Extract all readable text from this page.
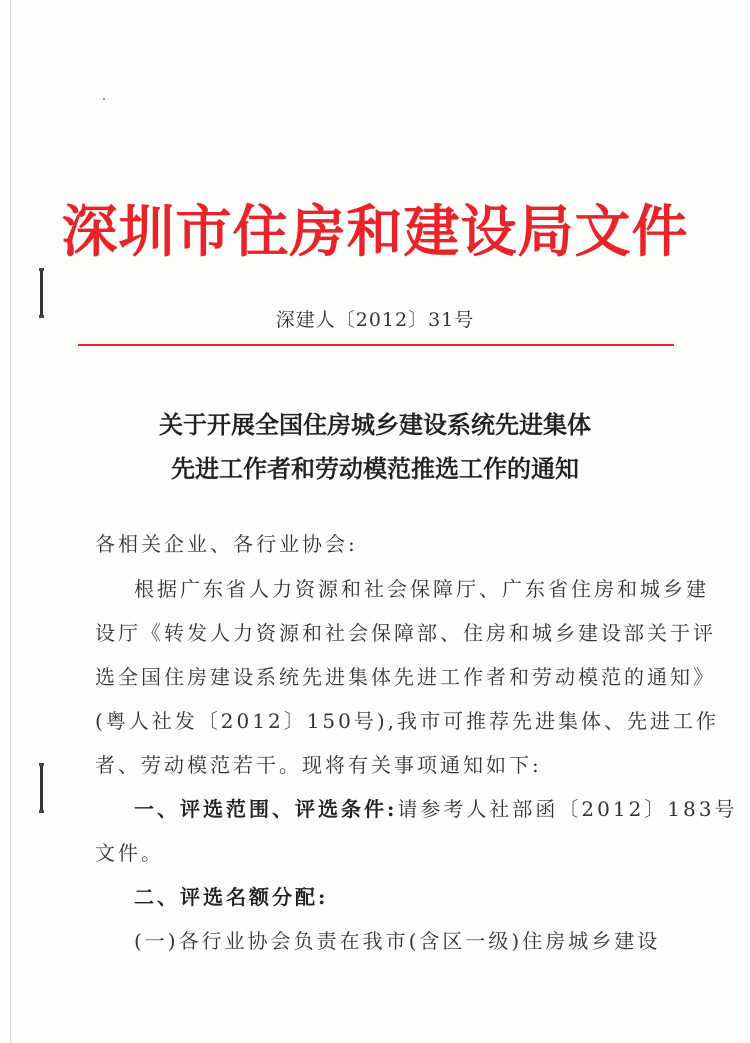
深圳市住房和建设局文件
深建人〔2012〕31号
关于开展全国住房城乡建设系统先进集体
先进工作者和劳动模范推选工作的通知
各相关企业、各行业协会:
根据广东省人力资源和社会保障厅、广东省住房和城乡建
设厅《转发人力资源和社会保障部、住房和城乡建设部关于评
选全国住房建设系统先进集体先进工作者和劳动模范的通知》
(粤人社发〔2012〕150号),我市可推荐先进集体、先进工作
者、劳动模范若干。现将有关事项通知如下:
一、评选范围、评选条件:请参考人社部函〔2012〕183号
文件。
二、评选名额分配:
(一)各行业协会负责在我市(含区一级)住房城乡建设
